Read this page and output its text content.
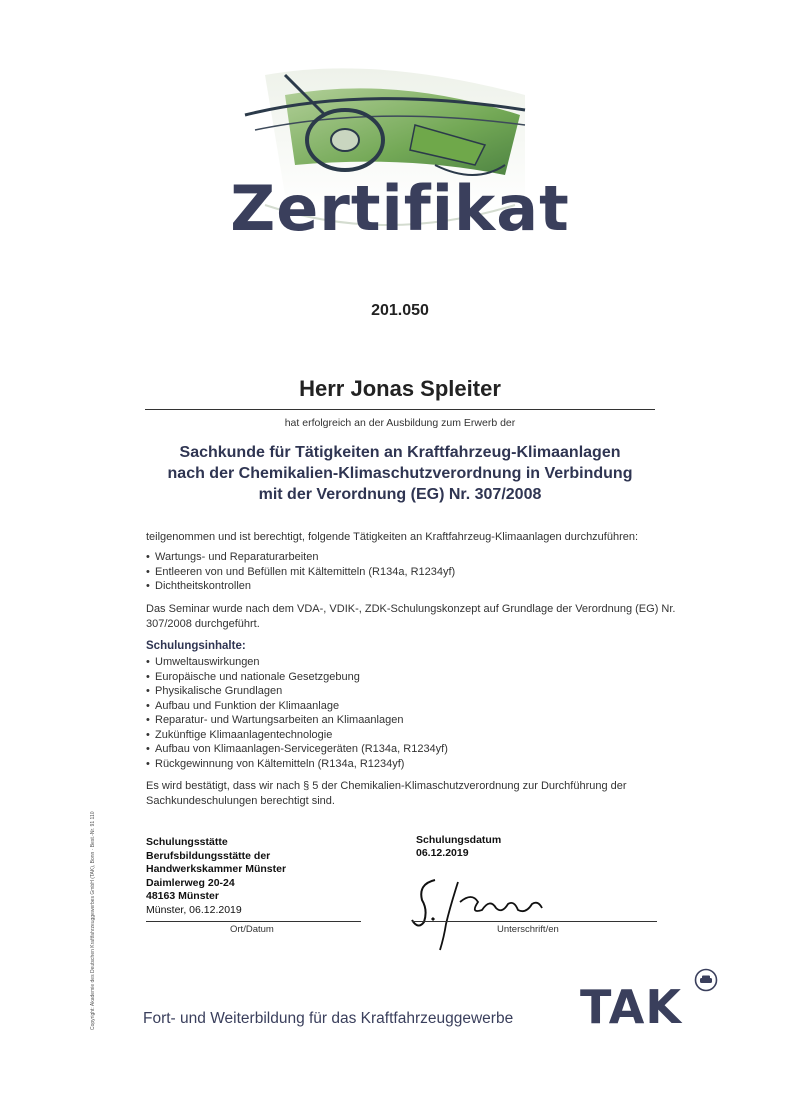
Zertifikat
201.050
Herr Jonas Spleiter
hat erfolgreich an der Ausbildung zum Erwerb der
Sachkunde für Tätigkeiten an Kraftfahrzeug-Klimaanlagen
nach der Chemikalien-Klimaschutzverordnung in Verbindung
mit der Verordnung (EG) Nr. 307/2008
teilgenommen und ist berechtigt, folgende Tätigkeiten an Kraftfahrzeug-Klimaanlagen durchzuführen:
• Wartungs- und Reparaturarbeiten
• Entleeren von und Befüllen mit Kältemitteln (R134a, R1234yf)
• Dichtheitskontrollen
Das Seminar wurde nach dem VDA-, VDIK-, ZDK-Schulungskonzept auf Grundlage der Verordnung (EG) Nr. 307/2008 durchgeführt.
Schulungsinhalte:
• Umweltauswirkungen
• Europäische und nationale Gesetzgebung
• Physikalische Grundlagen
• Aufbau und Funktion der Klimaanlage
• Reparatur- und Wartungsarbeiten an Klimaanlagen
• Zukünftige Klimaanlagentechnologie
• Aufbau von Klimaanlagen-Servicegeräten (R134a, R1234yf)
• Rückgewinnung von Kältemitteln (R134a, R1234yf)
Es wird bestätigt, dass wir nach § 5 der Chemikalien-Klimaschutzverordnung zur Durchführung der Sachkundeschulungen berechtigt sind.
Schulungsstätte
Berufsbildungsstätte der
Handwerkskammer Münster
Daimlerweg 20-24
48163 Münster
Münster, 06.12.2019
Ort/Datum
Schulungsdatum
06.12.2019
Unterschrift/en
Copyright: Akademie des Deutschen Kraftfahrzeuggewerbes GmbH (TAK), Bonn · Best.-Nr. 91 110	Fort- und Weiterbildung für das Kraftfahrzeuggewerbe TAK
